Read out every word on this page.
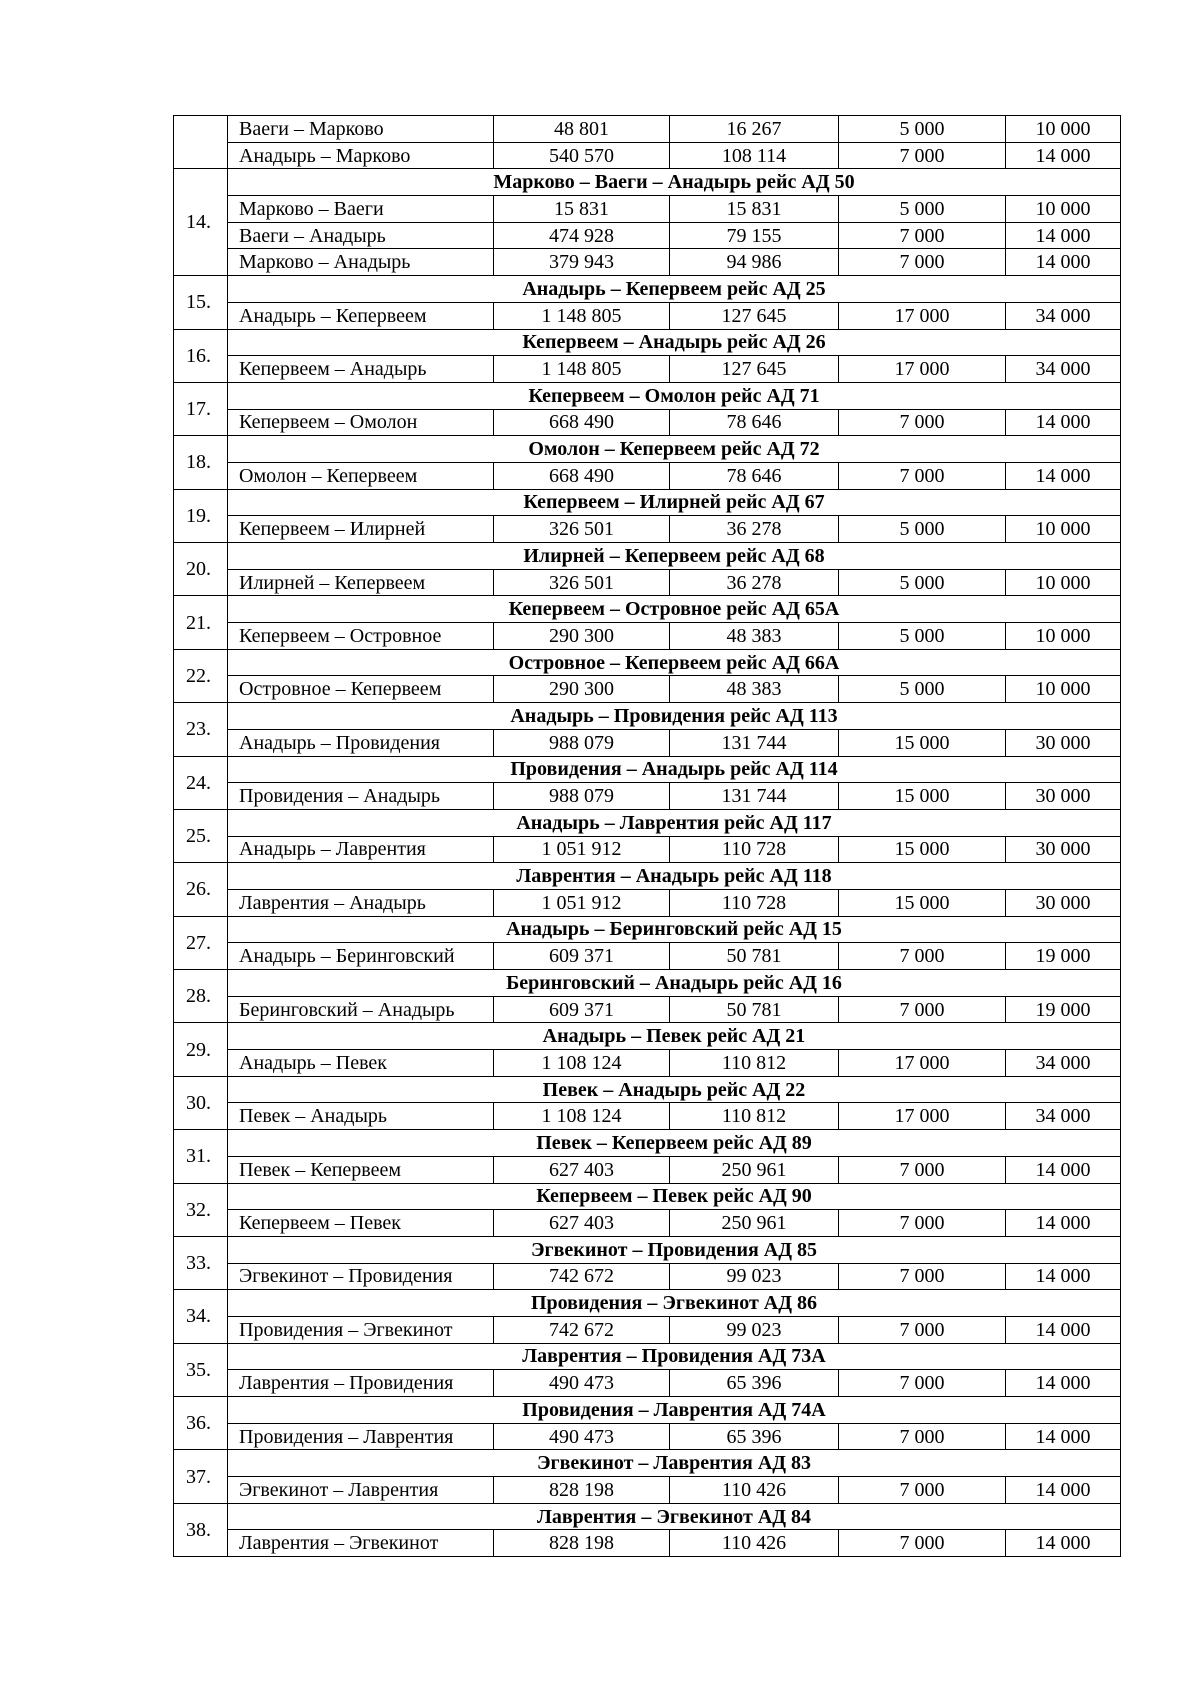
	Ваеги – Марково	48 801	16 267	5 000	10 000
	Анадырь – Марково	540 570	108 114	7 000	14 000
14.	Марково – Ваеги – Анадырь рейс АД 50				
	Марково – Ваеги	15 831	15 831	5 000	10 000
	Ваеги – Анадырь	474 928	79 155	7 000	14 000
	Марково – Анадырь	379 943	94 986	7 000	14 000
15.	Анадырь – Кепервеем рейс АД 25				
	Анадырь – Кепервеем	1 148 805	127 645	17 000	34 000
16.	Кепервеем – Анадырь рейс АД 26				
	Кепервеем – Анадырь	1 148 805	127 645	17 000	34 000
17.	Кепервеем – Омолон рейс АД 71				
	Кепервеем – Омолон	668 490	78 646	7 000	14 000
18.	Омолон – Кепервеем рейс АД 72				
	Омолон – Кепервеем	668 490	78 646	7 000	14 000
19.	Кепервеем – Илирней рейс АД 67				
	Кепервеем – Илирней	326 501	36 278	5 000	10 000
20.	Илирней – Кепервеем рейс АД 68				
	Илирней – Кепервеем	326 501	36 278	5 000	10 000
21.	Кепервеем – Островное рейс АД 65А				
	Кепервеем – Островное	290 300	48 383	5 000	10 000
22.	Островное – Кепервеем рейс АД 66А				
	Островное – Кепервеем	290 300	48 383	5 000	10 000
23.	Анадырь – Провидения рейс АД 113				
	Анадырь – Провидения	988 079	131 744	15 000	30 000
24.	Провидения – Анадырь рейс АД 114				
	Провидения – Анадырь	988 079	131 744	15 000	30 000
25.	Анадырь – Лаврентия рейс АД 117				
	Анадырь – Лаврентия	1 051 912	110 728	15 000	30 000
26.	Лаврентия – Анадырь рейс АД 118				
	Лаврентия – Анадырь	1 051 912	110 728	15 000	30 000
27.	Анадырь – Беринговский рейс АД 15				
	Анадырь – Беринговский	609 371	50 781	7 000	19 000
28.	Беринговский – Анадырь рейс АД 16				
	Беринговский – Анадырь	609 371	50 781	7 000	19 000
29.	Анадырь – Певек рейс АД 21				
	Анадырь – Певек	1 108 124	110 812	17 000	34 000
30.	Певек – Анадырь рейс АД 22				
	Певек – Анадырь	1 108 124	110 812	17 000	34 000
31.	Певек – Кепервеем рейс АД 89				
	Певек – Кепервеем	627 403	250 961	7 000	14 000
32.	Кепервеем – Певек рейс АД 90				
	Кепервеем – Певек	627 403	250 961	7 000	14 000
33.	Эгвекинот – Провидения АД 85				
	Эгвекинот – Провидения	742 672	99 023	7 000	14 000
34.	Провидения – Эгвекинот АД 86				
	Провидения – Эгвекинот	742 672	99 023	7 000	14 000
35.	Лаврентия – Провидения АД 73А				
	Лаврентия – Провидения	490 473	65 396	7 000	14 000
36.	Провидения – Лаврентия АД 74А				
	Провидения – Лаврентия	490 473	65 396	7 000	14 000
37.	Эгвекинот – Лаврентия АД 83				
	Эгвекинот – Лаврентия	828 198	110 426	7 000	14 000
38.	Лаврентия – Эгвекинот АД 84				
	Лаврентия – Эгвекинот	828 198	110 426	7 000	14 000
